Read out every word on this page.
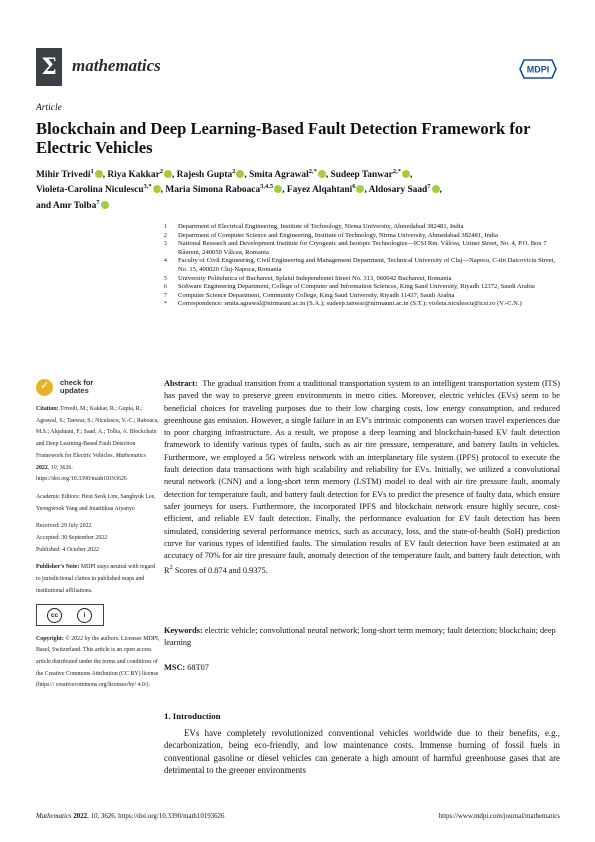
Σ mathematics	MDPI
Article
Blockchain and Deep Learning-Based Fault Detection Framework for Electric Vehicles
Mihir Trivedi$^1$ , Riya Kakkar$^2$ , Rajesh Gupta$^2$ , Smita Agrawal$^{2,*}$ , Sudeep Tanwar$^{2,*}$ ,
Violeta-Carolina Niculescu$^{3,*}$ , Maria Simona Raboaca$^{3,4,5}$ , Fayez Alqahtani$^6$ , Aldosary Saad$^7$ ,
and Amr Tolba$^7$
1	Department of Electrical Engineering, Institute of Technology, Nirma University, Ahmedabad 382481, India
2	Department of Computer Science and Engineering, Institute of Technology, Nirma University, Ahmedabad 382481, India
3	National Research and Development Institute for Cryogenic and Isotopic Technologies—ICSI Rm. Vâlcea, Uzinei Street, No. 4, P.O. Box 7 Râureni, 240050 Vâlcea, Romania
4	Faculty of Civil Engineering, Civil Engineering and Management Department, Technical University of Cluj—Napoca, C-tin Daicoviciu Street, No. 15, 400020 Cluj-Napoca, Romania
5	University Politehnica of Bucharest, Splaiul Independentei Street No. 313, 060042 Bucharest, Romania
6	Software Engineering Department, College of Computer and Information Sciences, King Saud University, Riyadh 12372, Saudi Arabia
7	Computer Science Department, Community College, King Saud University, Riyadh 11437, Saudi Arabia
*	Correspondence: smita.agrawal@nirmauni.ac.in (S.A.); sudeep.tanwar@nirmauni.ac.in (S.T.); violeta.niculescu@icsi.ro (V.-C.N.)
✓ check for
updates
Citation: Trivedi, M.; Kakkar, R.; Gupta, R.; Agrawal, S.; Tanwar, S.; Niculescu, V.-C.; Raboaca, M.S.; Alqahtani, F.; Saad, A.; Tolba, A. Blockchain and Deep Learning-Based Fault Detection Framework for Electric Vehicles. Mathematics 2022, 10, 3626. https://doi.org/10.3390/math10193626
Academic Editors: Heui Seok Lim, Sanghyuk Lee, Yeongwook Yang and Imatitikua Aiyanyo
Received: 29 July 2022
Accepted: 30 September 2022
Published: 4 October 2022
Publisher's Note: MDPI stays neutral with regard to jurisdictional claims in published maps and institutional affiliations.
cc	i
Copyright: © 2022 by the authors. Licensee MDPI, Basel, Switzerland. This article is an open access article distributed under the terms and conditions of the Creative Commons Attribution (CC BY) license (https:// creativecommons.org/licenses/by/ 4.0/).
Abstract: The gradual transition from a traditional transportation system to an intelligent transportation system (ITS) has paved the way to preserve green environments in metro cities. Moreover, electric vehicles (EVs) seem to be beneficial choices for traveling purposes due to their low charging costs, low energy consumption, and reduced greenhouse gas emission. However, a single failure in an EV's intrinsic components can worsen travel experiences due to poor charging infrastructure. As a result, we propose a deep learning and blockchain-based EV fault detection framework to identify various types of faults, such as air tire pressure, temperature, and battery faults in vehicles. Furthermore, we employed a 5G wireless network with an interplanetary file system (IPFS) protocol to execute the fault detection data transactions with high scalability and reliability for EVs. Initially, we utilized a convolutional neural network (CNN) and a long-short term memory (LSTM) model to deal with air tire pressure fault, anomaly detection for temperature fault, and battery fault detection for EVs to predict the presence of faulty data, which ensure safer journeys for users. Furthermore, the incorporated IPFS and blockchain network ensure highly secure, cost-efficient, and reliable EV fault detection. Finally, the performance evaluation for EV fault detection has been simulated, considering several performance metrics, such as accuracy, loss, and the state-of-health (SoH) prediction curve for various types of identified faults. The simulation results of EV fault detection have been estimated at an accuracy of 70% for air tire pressure fault, anomaly detection of the temperature fault, and battery fault detection, with $R^2$ Scores of 0.874 and 0.9375.
Keywords: electric vehicle; convolutional neural network; long-short term memory; fault detection; blockchain; deep learning
MSC: 68T07
1. Introduction
EVs have completely revolutionized conventional vehicles worldwide due to their benefits, e.g., decarbonization, being eco-friendly, and low maintenance costs. Immense burning of fossil fuels in conventional gasoline or diesel vehicles can generate a high amount of harmful greenhouse gases that are detrimental to the greener environments
Mathematics 2022, 10, 3626. https://doi.org/10.3390/math10193626	https://www.mdpi.com/journal/mathematics
